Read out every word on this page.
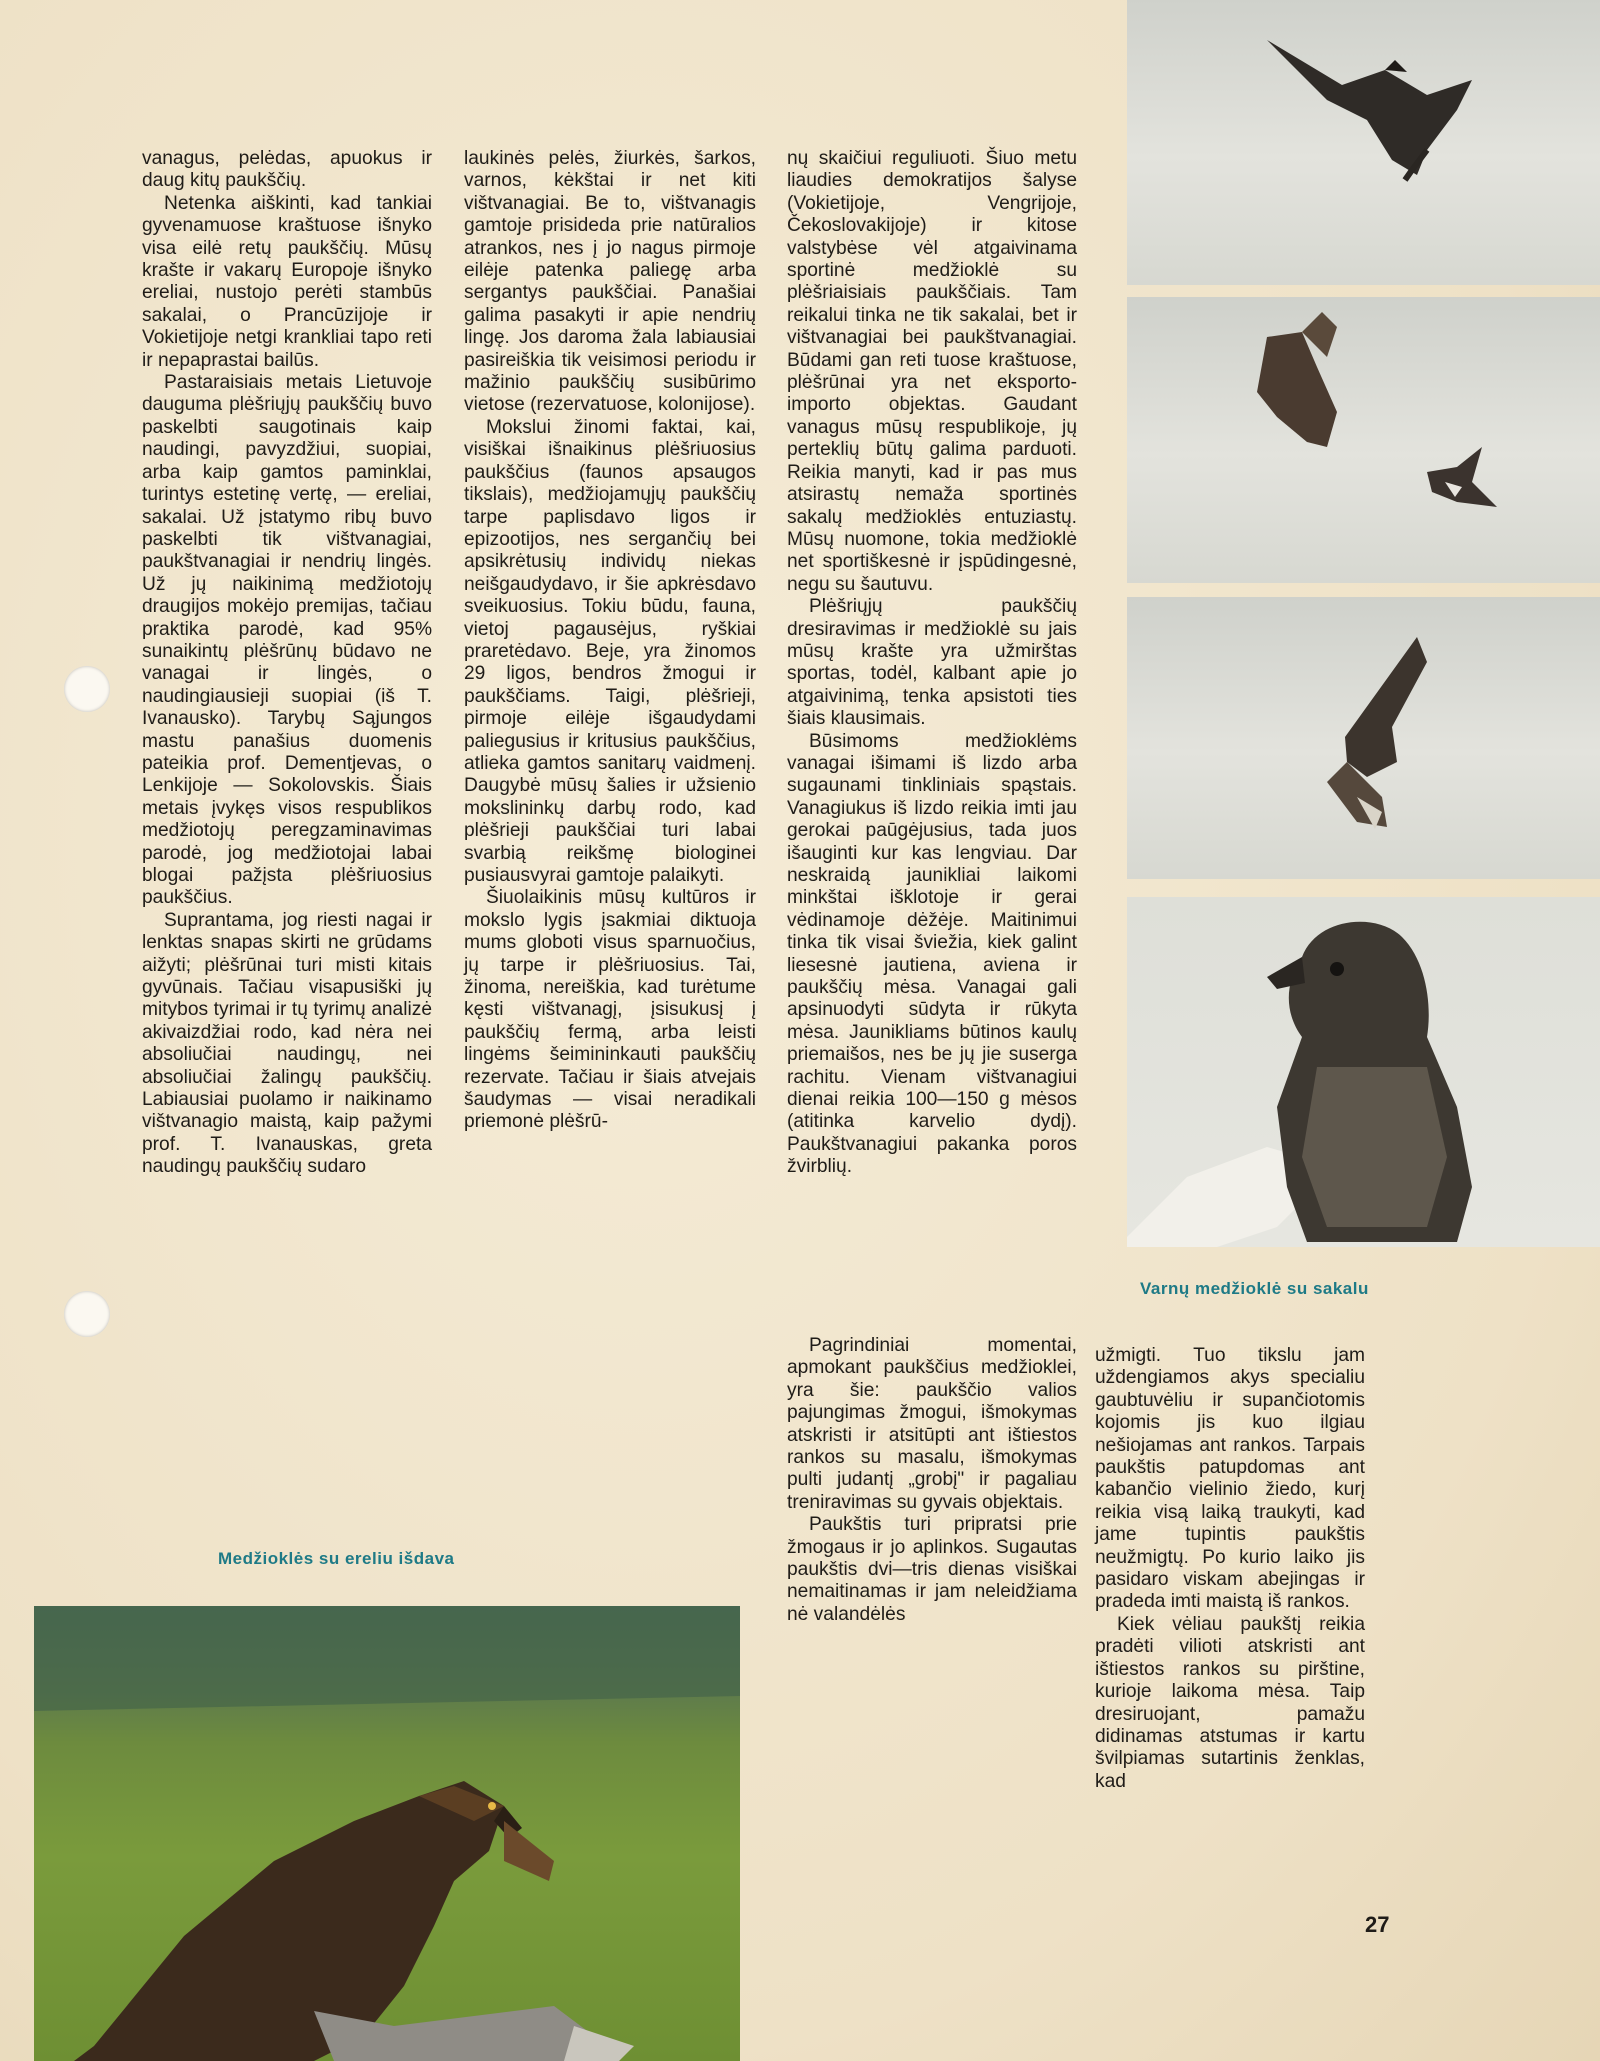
vanagus, pelėdas, apuokus ir daug kitų paukščių.

Netenka aiškinti, kad tankiai gyvenamuose kraštuose išnyko visa eilė retų paukščių. Mūsų krašte ir vakarų Europoje išnyko ereliai, nustojo perėti stambūs sakalai, o Prancūzijoje ir Vokietijoje netgi krankliai tapo reti ir nepaprastai bailūs.

Pastaraisiais metais Lietuvoje dauguma plėšriųjų paukščių buvo paskelbti saugotinais kaip naudingi, pavyzdžiui, suopiai, arba kaip gamtos paminklai, turintys estetinę vertę, — ereliai, sakalai. Už įstatymo ribų buvo paskelbti tik vištvanagiai, paukštvanagiai ir nendrių lingės. Už jų naikinimą medžiotojų draugijos mokėjo premijas, tačiau praktika parodė, kad 95% sunaikintų plėšrūnų būdavo ne vanagai ir lingės, o naudingiausieji suopiai (iš T. Ivanausko). Tarybų Sąjungos mastu panašius duomenis pateikia prof. Dementjevas, o Lenkijoje — Sokolovskis. Šiais metais įvykęs visos respublikos medžiotojų peregzaminavimas parodė, jog medžiotojai labai blogai pažįsta plėšriuosius paukščius.

Suprantama, jog riesti nagai ir lenktas snapas skirti ne grūdams aižyti; plėšrūnai turi misti kitais gyvūnais. Tačiau visapusiški jų mitybos tyrimai ir tų tyrimų analizė akivaizdžiai rodo, kad nėra nei absoliučiai naudingų, nei absoliučiai žalingų paukščių. Labiausiai puolamo ir naikinamo vištvanagio maistą, kaip pažymi prof. T. Ivanauskas, greta naudingų paukščių sudaro

laukinės pelės, žiurkės, šarkos, varnos, kėkštai ir net kiti vištvanagiai. Be to, vištvanagis gamtoje prisideda prie natūralios atrankos, nes į jo nagus pirmoje eilėje patenka paliegę arba sergantys paukščiai. Panašiai galima pasakyti ir apie nendrių lingę. Jos daroma žala labiausiai pasireiškia tik veisimosi periodu ir mažinio paukščių susibūrimo vietose (rezervatuose, kolonijose).

Mokslui žinomi faktai, kai, visiškai išnaikinus plėšriuosius paukščius (faunos apsaugos tikslais), medžiojamųjų paukščių tarpe paplisdavo ligos ir epizootijos, nes sergančių bei apsikrėtusių individų niekas neišgaudydavo, ir šie apkrėsdavo sveikuosius. Tokiu būdu, fauna, vietoj pagausėjus, ryškiai praretėdavo. Beje, yra žinomos 29 ligos, bendros žmogui ir paukščiams. Taigi, plėšrieji, pirmoje eilėje išgaudydami paliegusius ir kritusius paukščius, atlieka gamtos sanitarų vaidmenį. Daugybė mūsų šalies ir užsienio mokslininkų darbų rodo, kad plėšrieji paukščiai turi labai svarbią reikšmę biologinei pusiausvyrai gamtoje palaikyti.

Šiuolaikinis mūsų kultūros ir mokslo lygis įsakmiai diktuoja mums globoti visus sparnuočius, jų tarpe ir plėšriuosius. Tai, žinoma, nereiškia, kad turėtume kęsti vištvanagį, įsisukusį į paukščių fermą, arba leisti lingėms šeimininkauti paukščių rezervate. Tačiau ir šiais atvejais šaudymas — visai neradikali priemonė plėšrū-

nų skaičiui reguliuoti. Šiuo metu liaudies demokratijos šalyse (Vokietijoje, Vengrijoje, Čekoslovakijoje) ir kitose valstybėse vėl atgaivinama sportinė medžioklė su plėšriaisiais paukščiais. Tam reikalui tinka ne tik sakalai, bet ir vištvanagiai bei paukštvanagiai. Būdami gan reti tuose kraštuose, plėšrūnai yra net eksporto-importo objektas. Gaudant vanagus mūsų respublikoje, jų perteklių būtų galima parduoti. Reikia manyti, kad ir pas mus atsirastų nemaža sportinės sakalų medžioklės entuziastų. Mūsų nuomone, tokia medžioklė net sportiškesnė ir įspūdingesnė, negu su šautuvu.

Plėšriųjų paukščių dresiravimas ir medžioklė su jais mūsų krašte yra užmirštas sportas, todėl, kalbant apie jo atgaivinimą, tenka apsistoti ties šiais klausimais.

Būsimoms medžioklėms vanagai išimami iš lizdo arba sugaunami tinkliniais spąstais. Vanagiukus iš lizdo reikia imti jau gerokai paūgėjusius, tada juos išauginti kur kas lengviau. Dar neskraidą jaunikliai laikomi minkštai išklotoje ir gerai vėdinamoje dėžėje. Maitinimui tinka tik visai šviežia, kiek galint liesesnė jautiena, aviena ir paukščių mėsa. Vanagai gali apsinuodyti sūdyta ir rūkyta mėsa. Jaunikliams būtinos kaulų priemaišos, nes be jų jie suserga rachitu. Vienam vištvanagiui dienai reikia 100—150 g mėsos (atitinka karvelio dydį). Paukštvanagiui pakanka poros žvirblių.

Pagrindiniai momentai, apmokant paukščius medžioklei, yra šie: paukščio valios pajungimas žmogui, išmokymas atskristi ir atsitūpti ant ištiestos rankos su masalu, išmokymas pulti judantį „grobį" ir pagaliau treniravimas su gyvais objektais.

Paukštis turi pripratsi prie žmogaus ir jo aplinkos. Sugautas paukštis dvi—tris dienas visiškai nemaitinamas ir jam neleidžiama nė valandėlės

užmigti. Tuo tikslu jam uždengiamos akys specialiu gaubtuvėliu ir supančiotomis kojomis jis kuo ilgiau nešiojamas ant rankos. Tarpais paukštis patupdomas ant kabančio vielinio žiedo, kurį reikia visą laiką traukyti, kad jame tupintis paukštis neužmigtų. Po kurio laiko jis pasidaro viskam abejingas ir pradeda imti maistą iš rankos.

Kiek vėliau paukštį reikia pradėti vilioti atskristi ant ištiestos rankos su pirštine, kurioje laikoma mėsa. Taip dresiruojant, pamažu didinamas atstumas ir kartu švilpiamas sutartinis ženklas, kad

Varnų medžioklė su sakalu
Medžioklės su ereliu išdava
27
